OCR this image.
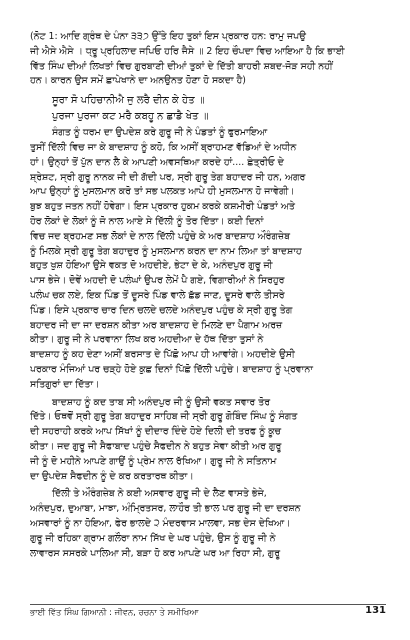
(ਨੋਟ 1: ਆਦਿ ਗ੍ਰੰਥ ਦੇ ਪੰਨਾ ੩੩੭ ਉੱਤੇ ਇਹ ਤੁਕਾਂ ਇਸ ਪ੍ਰਕਾਰ ਹਨ: ਰਾਮੁ ਜਪਉ
ਜੀ ਐਸੇ ਐਸੇ । ਧ੍ਰੂ ਪ੍ਰਹਿਲਾਦ ਜਪਿਓ ਹਰਿ ਜੈਸੇ ॥ 2 ਇਹ ਚੌਪਦਾ ਵਿਚ ਆਇਆ ਹੈ ਕਿ ਭਾਈ
ਵਿੱਤ ਸਿੰਘ ਦੀਆਂ ਲਿਖਤਾਂ ਵਿਚ ਗੁਰਬਾਣੀ ਦੀਆਂ ਤੁਕਾਂ ਦੇ ਦਿੱਤੀ ਬਾਹਰੀ ਸ਼ਬਦ-ਜੋੜ ਸਹੀ ਨਹੀਂ
ਹਨ। ਕਾਰਨ ਉਸ ਸਮੇਂ ਛਾਪੇਖਾਨੇ ਦਾ ਅਨਉਨਤ ਹੋਣਾ ਹੋ ਸਕਦਾ ਹੈ)

ਸੂਰਾ ਸੋ ਪਹਿਚਾਨੀਐ ਜੁ ਲਰੈ ਦੀਨ ਕੇ ਹੇਤ ॥
ਪੁਰਜਾ ਪੁਰਜਾ ਕਟ ਮਰੈ ਕਬਹੂ ਨ ਛਾਡੈ ਖੇਤ ॥

ਸੰਗਤ ਨੂੰ ਧਰਮ ਦਾ ਉਪਦੇਸ਼ ਕਰੇ ਗੁਰੂ ਜੀ ਨੇ ਪੰਡਤਾਂ ਨੂੰ ਫੁਰਮਾਇਆ
ਤੁਸੀਂ ਦਿੱਲੀ ਵਿਚ ਜਾ ਕੇ ਬਾਦਸ਼ਾਹ ਨੂੰ ਕਹੋ, ਕਿ ਅਸੀਂ ਬ੍ਰਾਹਮਣ ਵੱਡਿਆਂ ਦੇ ਅਧੀਨ
ਹਾਂ। ਉਨ੍ਹਾਂ ਤੋਂ ਪੁੱਨ ਦਾਨ ਲੈ ਕੇ ਆਪਣੀ ਅਵਸਥਿਆ ਕਰਦੇ ਹਾਂ.... ਛੇਤ੍ਰੀਓ ਦੇ
ਸ਼੍ਰੇਸ਼ਟ, ਸ੍ਰੀ ਗੁਰੂ ਨਾਨਕ ਜੀ ਦੀ ਗੱਦੀ ਪਰ, ਸ੍ਰੀ ਗੁਰੂ ਤੇਗ ਬਹਾਦਰ ਜੀ ਹਨ, ਅਗਰ
ਆਪ ਉਨ੍ਹਾਂ ਨੂੰ ਮੁਸਲਮਾਨ ਕਰੋ ਤਾਂ ਸਭ ਪਲਕਤ ਆਪੇ ਹੀ ਮੁਸਲਮਾਨ ਹੋ ਜਾਵੇਗੀ।
ਬੁਝ ਬਹੁਤ ਜਤਨ ਨਹੀਂ ਹੋਵੇਗਾ। ਇਸ ਪ੍ਰਕਾਰ ਹੁਕਮ ਕਰਕੇ ਕਸ਼ਮੀਰੀ ਪੰਡਤਾਂ ਅਤੇ
ਹੋਰ ਲੋਕਾਂ ਦੇ ਲੋਕਾਂ ਨੂੰ ਜੋ ਨਾਲ ਆਏ ਸੇ ਦਿੱਲੀ ਨੂੰ ਤੋਰ ਦਿੱਤਾ। ਕਈ ਦਿਨਾਂ
ਵਿਚ ਜਦ ਬ੍ਰਹਮਣ ਸਭ ਲੋਕਾਂ ਦੇ ਨਾਲ ਦਿੱਲੀ ਪਹੁੰਚੇ ਕੇ ਅਰ ਬਾਦਸ਼ਾਹ ਔਰੰਗਜ਼ੇਬ
ਨੂੰ ਮਿਲਕੇ ਸ੍ਰੀ ਗੁਰੂ ਤੇਗ ਬਹਾਦੁਰ ਨੂੰ ਮੁਸਲਮਾਨ ਕਰਨ ਦਾ ਨਾਮ ਲਿਆ ਤਾਂ ਬਾਦਸ਼ਾਹ
ਬਹੁਤ ਖੁਸ਼ ਹੋਇਆ ਉਸੇ ਵਕਤ ਦੋ ਅਹਦੀਏ, ਭੇਟਾ ਦੇ ਕੇ, ਅਨੰਦਪੁਰ ਗੁਰੂ ਜੀ
ਪਾਸ ਭੇਜੇ। ਦੋਵੇਂ ਅਹਦੀ ਦੋ ਪਲੰਘਾਂ ਉਪਰ ਲੇਮੇਂ ਪੈ ਗਏ, ਵਿਗਾਰੀਆਂ ਨੇ ਸਿਰਹੁਰ
ਪਲੰਘ ਚਕ ਲਏ, ਇਕ ਪਿੰਡ ਤੋਂ ਦੂਸਰੇ ਪਿੰਡ ਵਾਲੇ ਛੱਡ ਜਾਣ, ਦੂਸਰੇ ਵਾਲੇ ਤੀਸਰੇ
ਪਿੰਡ। ਇਸੇ ਪ੍ਰਕਾਰ ਚਾਰ ਦਿਨ ਚਲਦੇ ਚਲਦੇ ਅਨੰਦਪੁਰ ਪਹੁੰਚ ਕੇ ਸ੍ਰੀ ਗੁਰੂ ਤੇਗ
ਬਹਾਦਰ ਜੀ ਦਾ ਜਾ ਦਰਸ਼ਨ ਕੀਤਾ ਅਰ ਬਾਦਸ਼ਾਹ ਦੇ ਮਿਲਣੇ ਦਾ ਪੈਗਾਮ ਅਰਜ਼
ਕੀਤਾ। ਗੁਰੂ ਜੀ ਨੇ ਪਰਵਾਨਾ ਲਿਖ ਕਰ ਅਹਦੀਆ ਦੇ ਹੱਥ ਦਿੱਤਾ ਤੁਸਾਂ ਨੇ
ਬਾਦਸ਼ਾਹ ਨੂੰ ਕਹ ਦੇਣਾ ਅਸੀਂ ਬਰਸਾਤ ਦੇ ਪਿੱਛੋ ਆਪ ਹੀ ਆਵਾਂਗੇ। ਅਹਦੀਏ ਉਸੀ
ਪਰਕਾਰ ਮੰਜਿਆਂ ਪਰ ਚੜ੍ਹੇ ਹੋਏ ਕੁਛ ਦਿਨਾਂ ਪਿੱਛੋ ਦਿੱਲੀ ਪਹੁੰਚੇ। ਬਾਦਸ਼ਾਹ ਨੂੰ ਪ੍ਰਵਾਨਾ
ਸਤਿਗੁਰਾਂ ਦਾ ਦਿੱਤਾ।

ਬਾਦਸ਼ਾਹ ਨੂੰ ਕਦ ਤਾਬ ਸੀ ਅਨੰਦਪੁਰ ਜੀ ਨੂੰ ਉਸੀ ਵਕਤ ਸਵਾਰ ਤੋਰ
ਦਿੱਤੇ। ਓਥਵੋਂ ਸ੍ਰੀ ਗੁਰੂ ਤੇਗ ਬਹਾਦੁਰ ਸਾਹਿਬ ਜੀ ਸ੍ਰੀ ਗੁਰੂ ਗੋਬਿੰਦ ਸਿੰਘ ਨੂੰ ਸੰਗਤ
ਦੀ ਸਹਰਾਹੀ ਕਰਕੇ ਆਪ ਸਿੱਖਾਂ ਨੂੰ ਦੀਦਾਰ ਦਿੰਦੇ ਹੋਏ ਦਿਲੀ ਦੀ ਤਰਫ ਨੂੰ ਕੂਚ
ਕੀਤਾ। ਜਦ ਗੁਰੂ ਜੀ ਸੈਫਾਬਾਦ ਪਹੁੰਚੇ ਸੈਫਦੀਨ ਨੇ ਬਹੁਤ ਸੇਵਾ ਕੀਤੀ ਅਰ ਗੁਰੂ
ਜੀ ਨੂੰ ਦੋ ਮਹੀਨੇ ਆਪਣੇ ਗਾਉਂ ਨੂੰ ਪ੍ਰੇਮ ਨਾਲ ਰੱਖਿਆ। ਗੁਰੂ ਜੀ ਨੇ ਸਤਿਨਾਮ
ਦਾ ਉਪਦੇਸ਼ ਸੈਫਦੀਨ ਨੂੰ ਦੇ ਕਰ ਕਰਤਾਰਥ ਕੀਤਾ।

ਦਿੱਲੀ ਤੇ ਔਰੰਗਜ਼ੇਬ ਨੇ ਕਈ ਅਸਵਾਰ ਗੁਰੂ ਜੀ ਦੇ ਲੈਣ ਵਾਸਤੇ ਭੇਜੇ,
ਅਨੰਦਪੁਰ, ਦੁਆਬਾ, ਮਾਝਾ, ਅੰਮ੍ਰਿਤਸਰ, ਲਾਹੌਰ ਤੀ ਭਾਲ ਪਰ ਗੁਰੂ ਜੀ ਦਾ ਦਰਸ਼ਨ
ਅਸਵਾਰਾਂ ਨੂੰ ਨਾ ਹੋਇਆ, ਫੇਰ ਭਾਲਦੇ ੨ ਮੰਦਰਵਾਸ ਮਾਲਵਾ, ਸਭ ਦੇਸ ਦੇਖਿਆ।
ਗੁਰੂ ਜੀ ਰਹਿਕਾ ਗ੍ਰਾਮ ਗਲੌਰਾ ਨਾਮ ਸਿੱਖ ਦੇ ਘਰ ਪਹੁੰਚੇ, ਉਸ ਨੂੰ ਗੁਰੂ ਜੀ ਨੇ
ਲਾਵਾਰਸ ਸਸਰਕੇ ਪਾਲਿਆ ਸੀ, ਬੜਾ ਹੋ ਕਰ ਆਪਣੇ ਘਰ ਆ ਰਿਹਾ ਸੀ, ਗੁਰੂ

ਭਾਈ ਵਿੱਤ ਸਿੰਘ ਗਿਆਨੀ : ਜੀਵਨ, ਰਚਨਾ ਤੇ ਸਮੀਖਿਆ	131
